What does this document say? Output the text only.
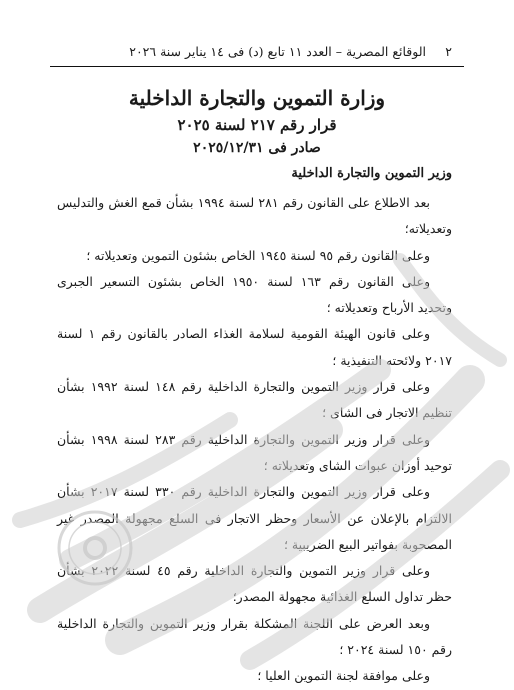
٢
الوقائع المصرية – العدد ١١ تابع (د) فى ١٤ يناير سنة ٢٠٢٦
وزارة التموين والتجارة الداخلية
قرار رقم ٢١٧ لسنة ٢٠٢٥
صادر فى ٢٠٢٥/١٢/٣١
وزير التموين والتجارة الداخلية

بعد الاطلاع على القانون رقم ٢٨١ لسنة ١٩٩٤ بشأن قمع الغش والتدليس وتعديلاته؛

وعلى القانون رقم ٩٥ لسنة ١٩٤٥ الخاص بشئون التموين وتعديلاته ؛

وعلى القانون رقم ١٦٣ لسنة ١٩٥٠ الخاص بشئون التسعير الجبرى وتحديد الأرباح وتعديلاته ؛

وعلى قانون الهيئة القومية لسلامة الغذاء الصادر بالقانون رقم ١ لسنة ٢٠١٧ ولائحته التنفيذية ؛

وعلى قرار وزير التموين والتجارة الداخلية رقم ١٤٨ لسنة ١٩٩٢ بشأن تنظيم الاتجار فى الشاى ؛

وعلى قرار وزير التموين والتجارة الداخلية رقم ٢٨٣ لسنة ١٩٩٨ بشأن توحيد أوزان عبوات الشاى وتعديلاته ؛

وعلى قرار وزير التموين والتجارة الداخلية رقم ٣٣٠ لسنة ٢٠١٧ بشأن الالتزام بالإعلان عن الأسعار وحظر الاتجار فى السلع مجهولة المصدر غير المصحوبة بفواتير البيع الضريبية ؛

وعلى قرار وزير التموين والتجارة الداخلية رقم ٤٥ لسنة ٢٠٢٢ بشأن حظر تداول السلع الغذائية مجهولة المصدر؛

وبعد العرض على اللجنة المشكلة بقرار وزير التموين والتجارة الداخلية رقم ١٥٠ لسنة ٢٠٢٤ ؛

وعلى موافقة لجنة التموين العليا ؛
